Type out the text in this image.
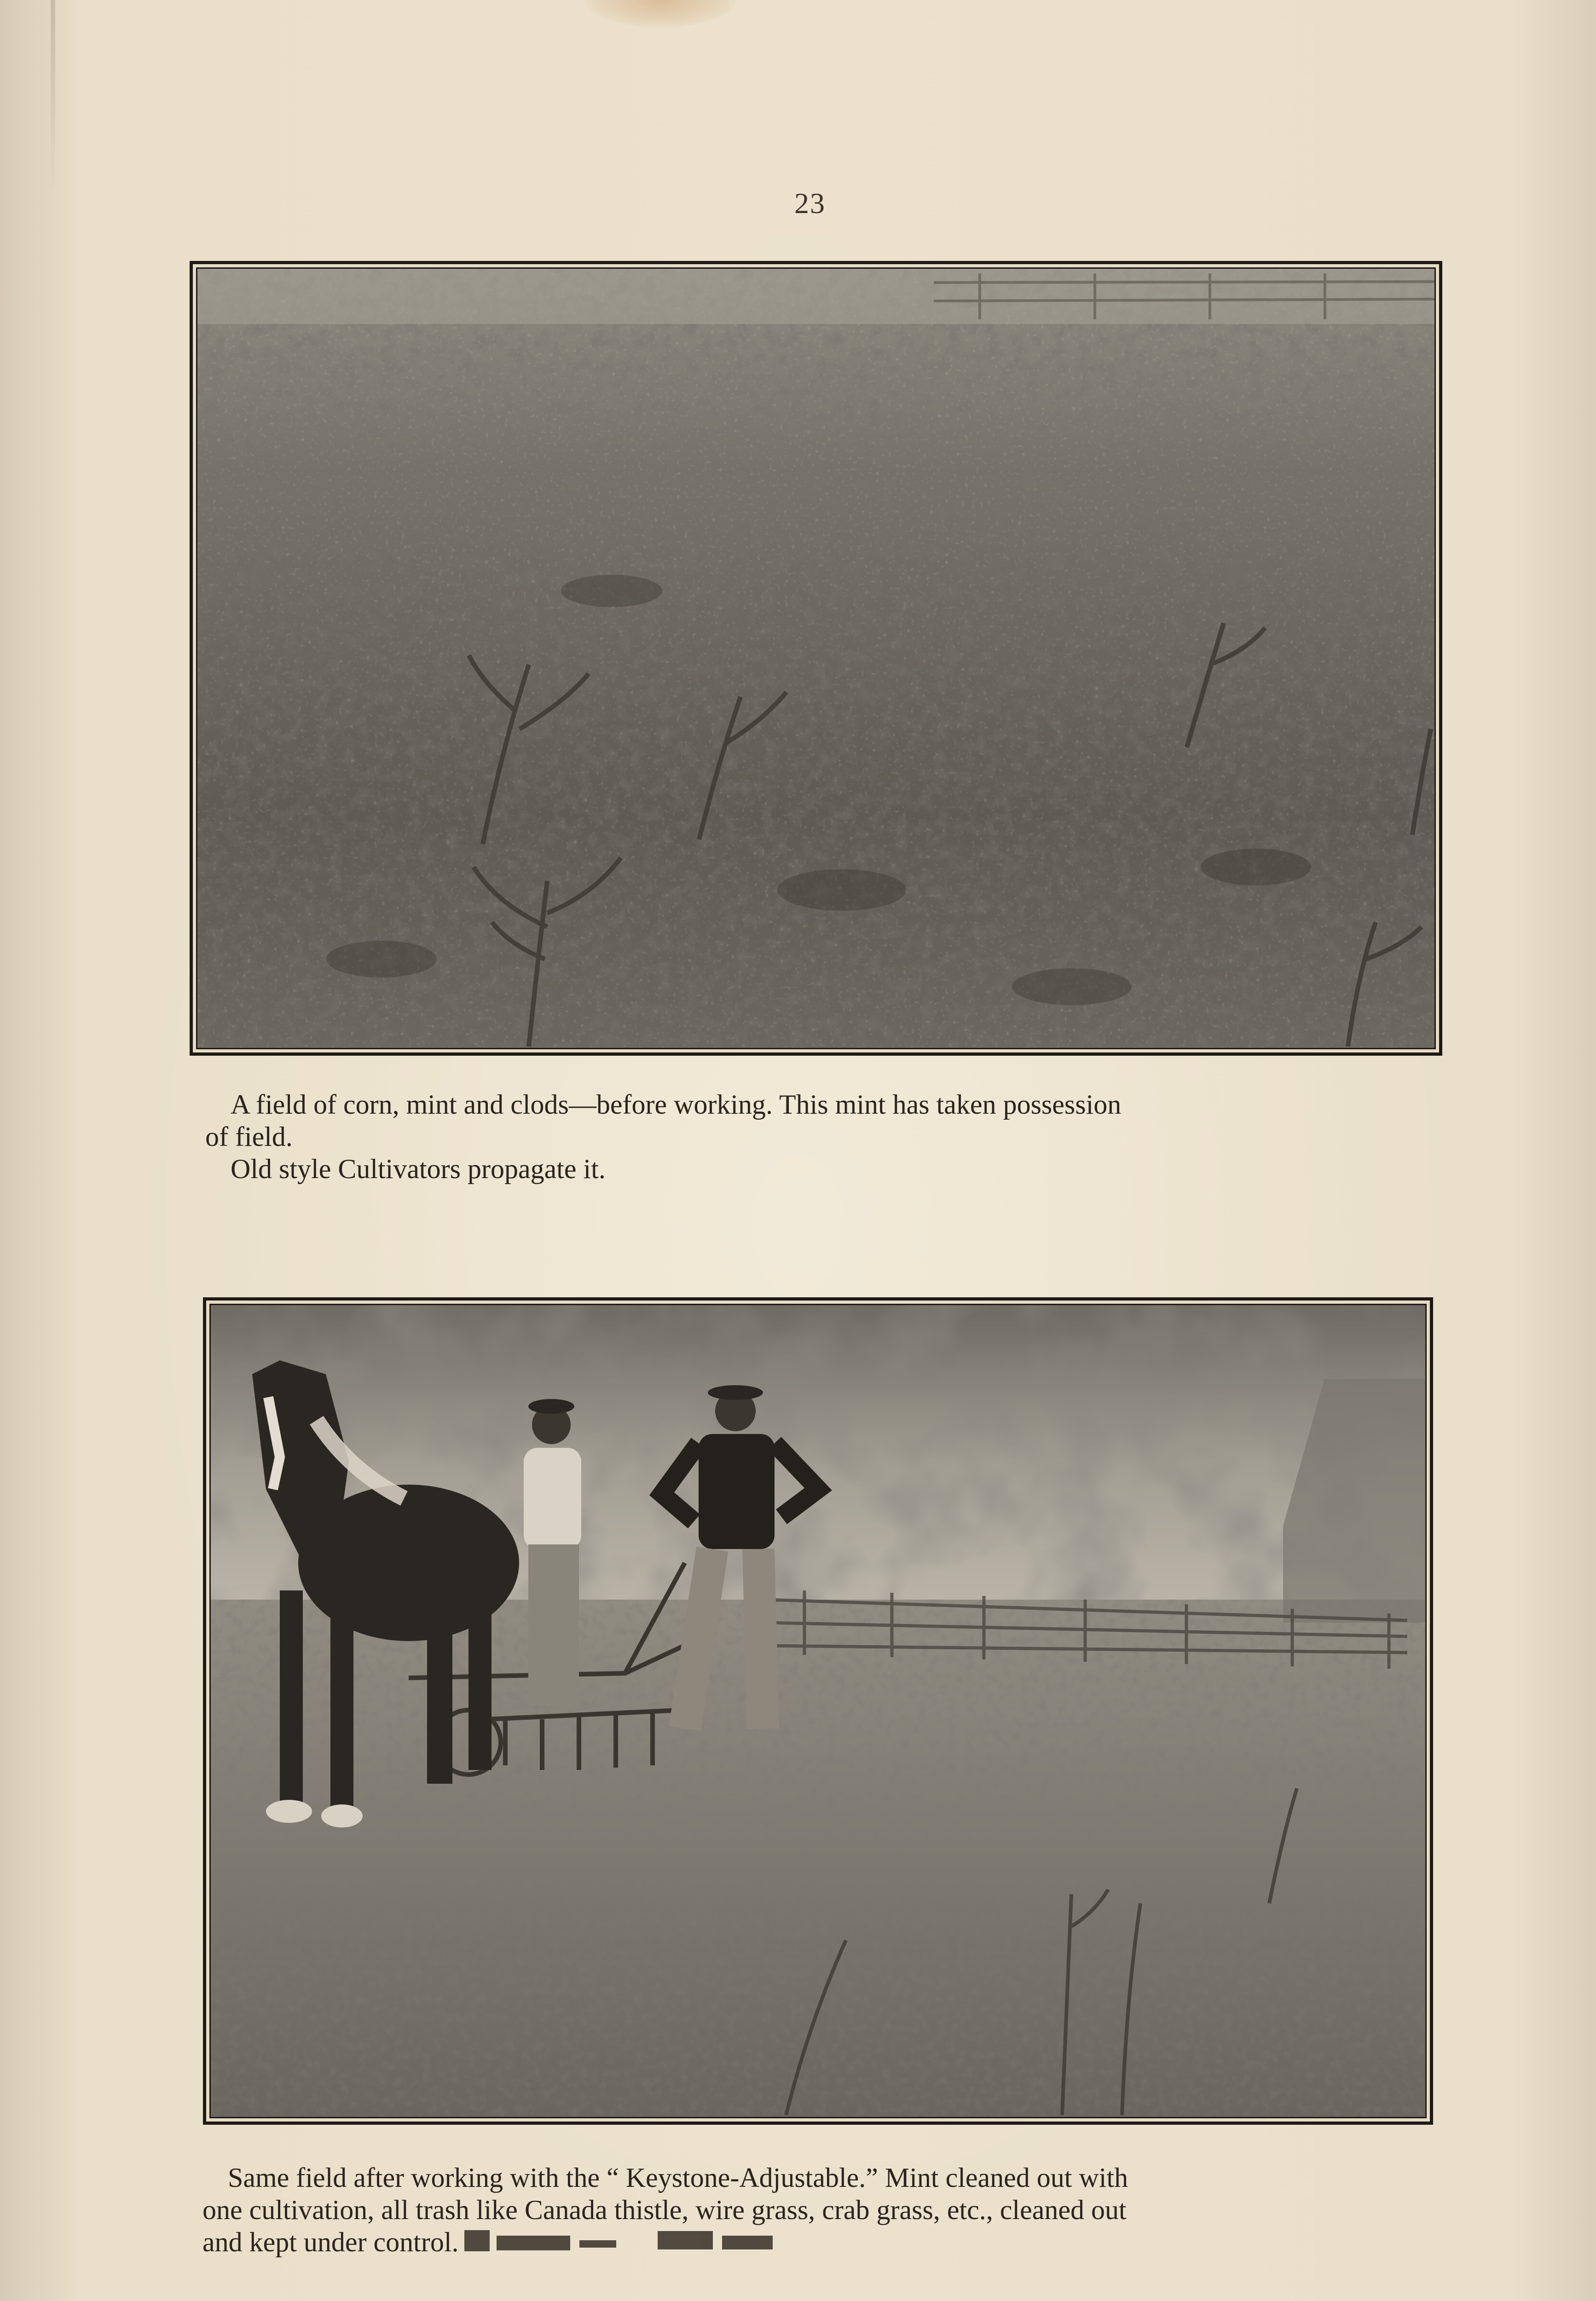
23

A field of corn, mint and clods—before working. This mint has taken possession
of field.
Old style Cultivators propagate it.

Same field after working with the “ Keystone-Adjustable.” Mint cleaned out with
one cultivation, all trash like Canada thistle, wire grass, crab grass, etc., cleaned out
and kept under control.
